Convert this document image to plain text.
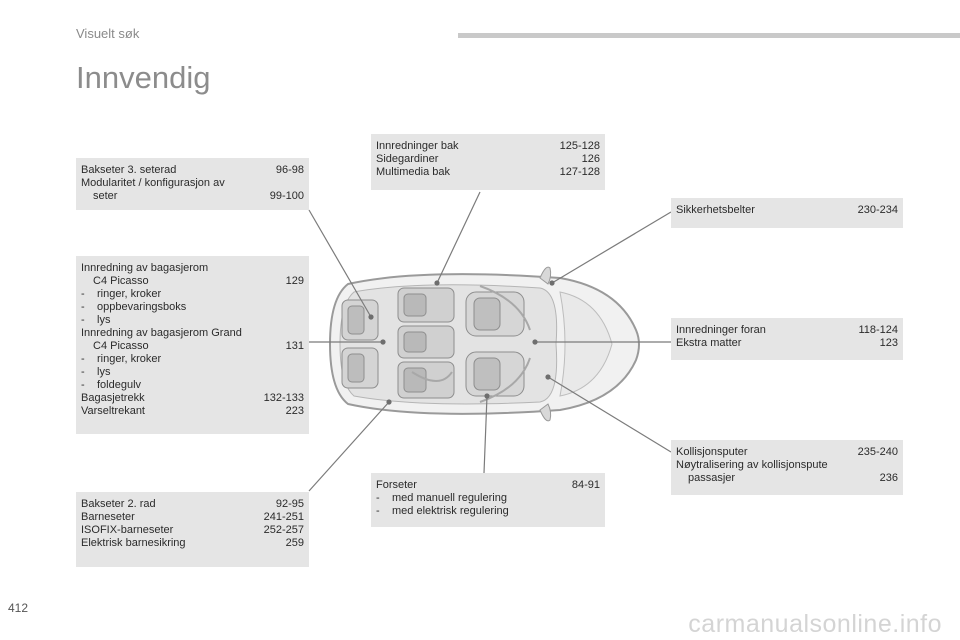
Visuelt søk
Innvendig
Bakseter 3. seterad	96-98
Modularitet / konfigurasjon av
seter	99-100
Innredning av bagasjerom
C4 Picasso	129
-	ringer, kroker
-	oppbevaringsboks
-	lys
Innredning av bagasjerom Grand
C4 Picasso	131
-	ringer, kroker
-	lys
-	foldegulv
Bagasjetrekk	132-133
Varseltrekant	223
Bakseter 2. rad	92-95
Barneseter	241-251
ISOFIX-barneseter	252-257
Elektrisk barnesikring	259
Innredninger bak	125-128
Sidegardiner	126
Multimedia bak	127-128
Forseter	84-91
-	med manuell regulering
-	med elektrisk regulering
Sikkerhetsbelter	230-234
Innredninger foran	118-124
Ekstra matter	123
Kollisjonsputer	235-240
Nøytralisering av kollisjonspute
passasjer	236
412
carmanualsonline.info
